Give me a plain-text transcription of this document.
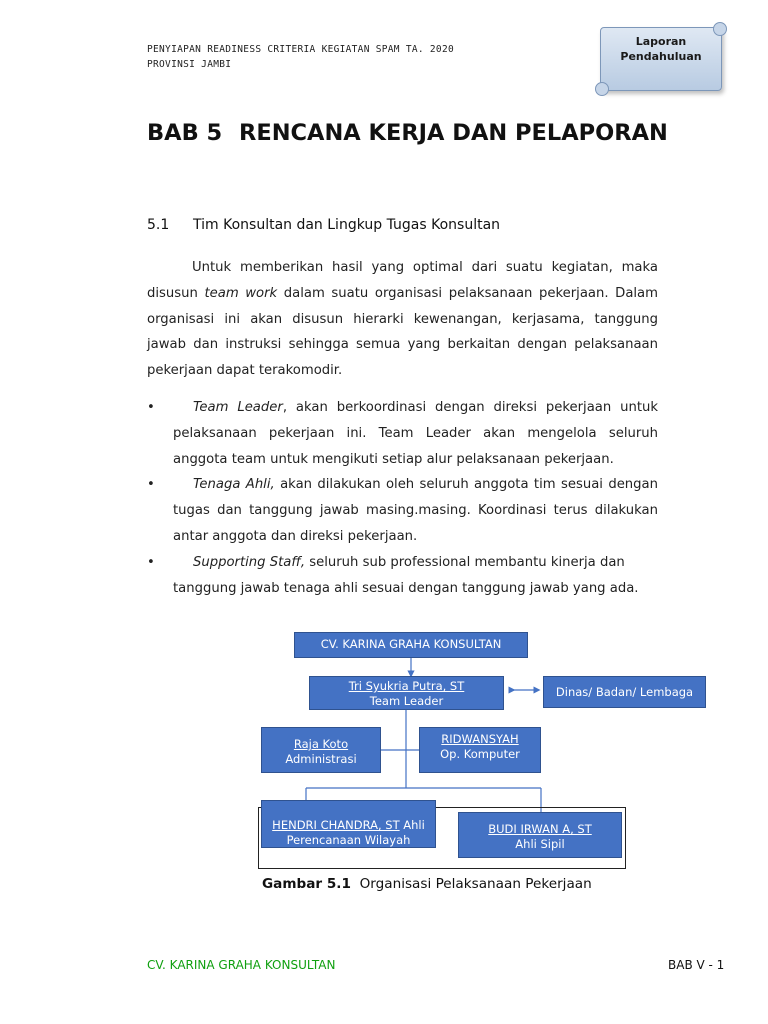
PENYIAPAN READINESS CRITERIA KEGIATAN SPAM TA. 2020
PROVINSI JAMBI
Laporan
Pendahuluan
BAB 5 RENCANA KERJA DAN PELAPORAN
5.1 Tim Konsultan dan Lingkup Tugas Konsultan

Untuk memberikan hasil yang optimal dari suatu kegiatan, maka disusun team work dalam suatu organisasi pelaksanaan pekerjaan. Dalam organisasi ini akan disusun hierarki kewenangan, kerjasama, tanggung jawab dan instruksi sehingga semua yang berkaitan dengan pelaksanaan pekerjaan dapat terakomodir.

•	Team Leader, akan berkoordinasi dengan direksi pekerjaan untuk pelaksanaan pekerjaan ini. Team Leader akan mengelola seluruh anggota team untuk mengikuti setiap alur pelaksanaan pekerjaan.
•	Tenaga Ahli, akan dilakukan oleh seluruh anggota tim sesuai dengan tugas dan tanggung jawab masing.masing. Koordinasi terus dilakukan antar anggota dan direksi pekerjaan.
•	Supporting Staff, seluruh sub professional membantu kinerja dan tanggung jawab tenaga ahli sesuai dengan tanggung jawab yang ada.
CV. KARINA GRAHA KONSULTAN
Tri Syukria Putra, ST
Team Leader
Dinas/ Badan/ Lembaga
Raja Koto
Administrasi
RIDWANSYAH
Op. Komputer
HENDRI CHANDRA, ST Ahli
Perencanaan Wilayah
BUDI IRWAN A, ST
Ahli Sipil
Gambar 5.1 Organisasi Pelaksanaan Pekerjaan
CV. KARINA GRAHA KONSULTAN	BAB V - 1
